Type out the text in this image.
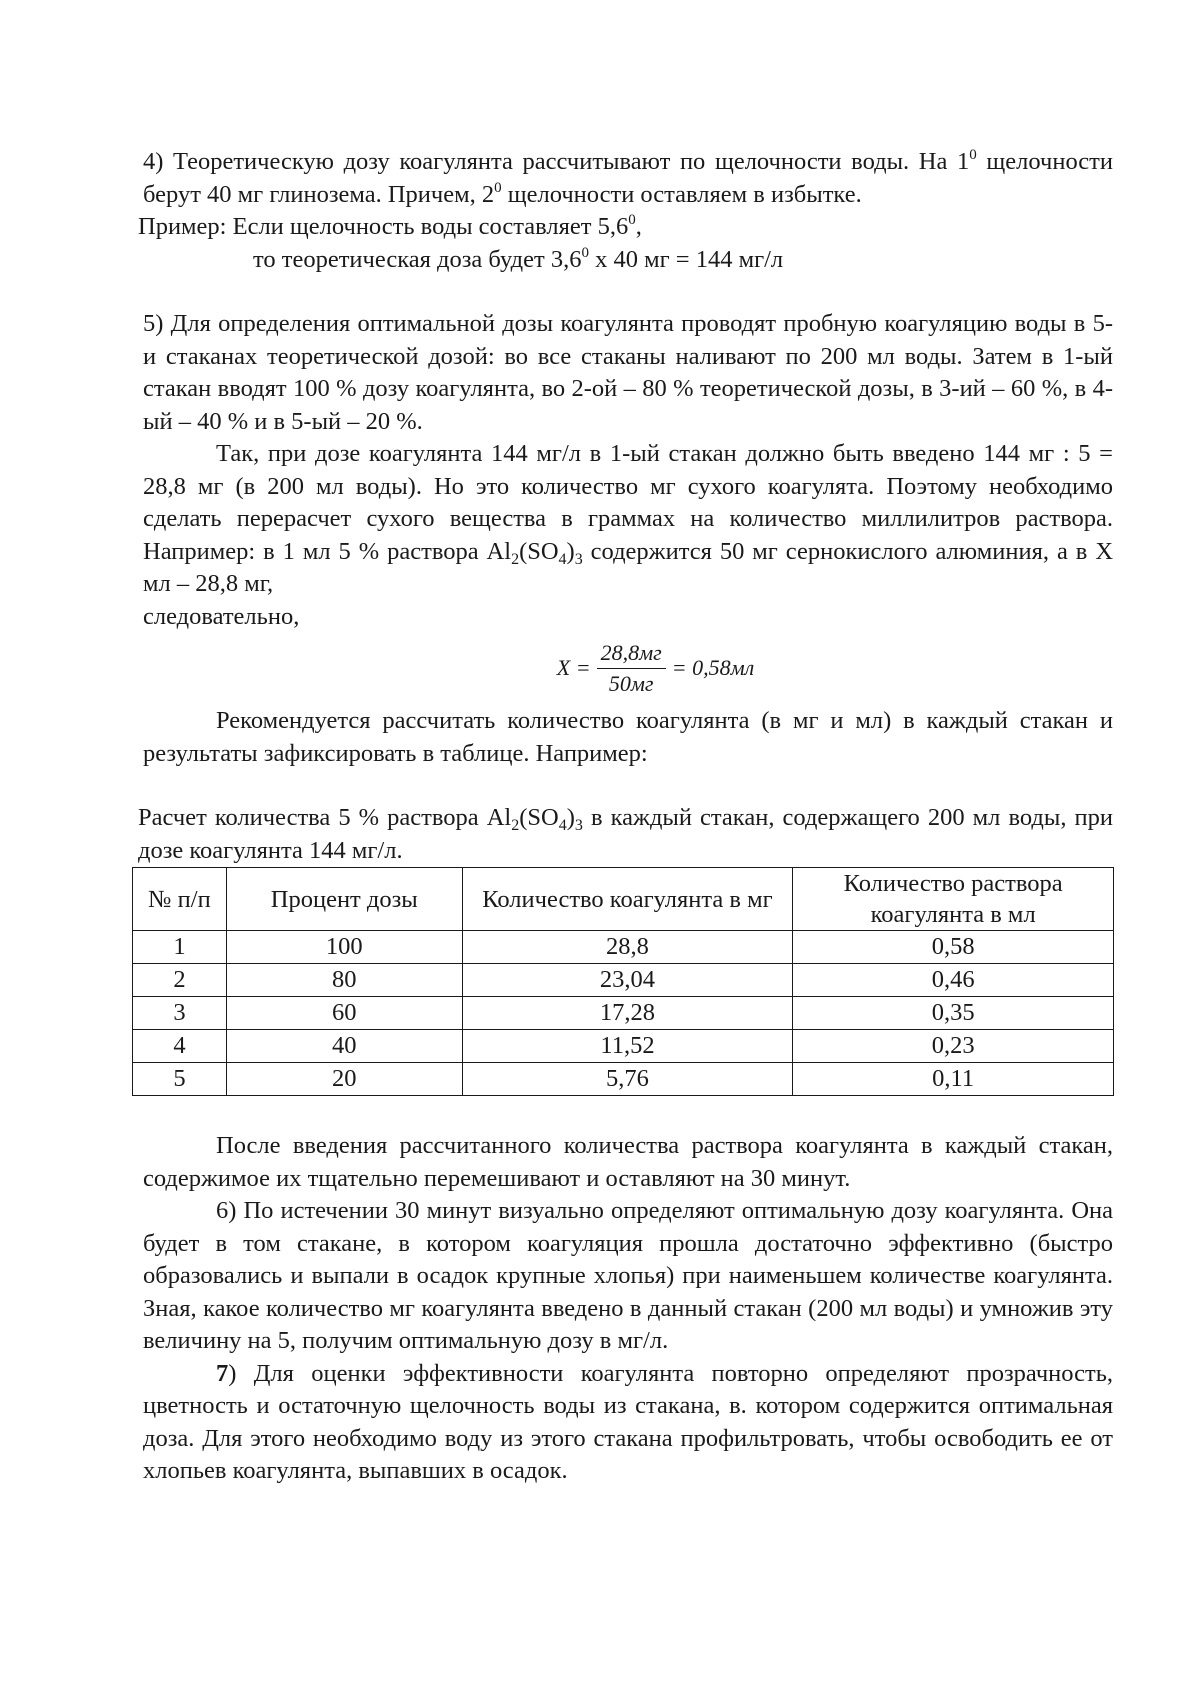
4) Теоретическую дозу коагулянта рассчитывают по щелочности воды. На $1^0$ щелочности берут 40 мг глинозема. Причем, $2^0$ щелочности оставляем в избытке.

Пример: Если щелочность воды составляет $5,6^0$,

то теоретическая доза будет $3,6^0$ х 40 мг = 144 мг/л

5) Для определения оптимальной дозы коагулянта проводят пробную коагуляцию воды в 5-и стаканах теоретической дозой: во все стаканы наливают по 200 мл воды. Затем в 1-ый стакан вводят 100 % дозу коагулянта, во 2-ой – 80 % теоретической дозы, в 3-ий – 60 %, в 4-ый – 40 % и в 5-ый – 20 %.

Так, при дозе коагулянта 144 мг/л в 1-ый стакан должно быть введено 144 мг : 5 = 28,8 мг (в 200 мл воды). Но это количество мг сухого коагулята. Поэтому необходимо сделать перерасчет сухого вещества в граммах на количество миллилитров раствора. Например: в 1 мл 5 % раствора $Al_2(SO_4)_3$ содержится 50 мг сернокислого алюминия, а в Х мл – 28,8 мг,

следовательно,

$X = \frac{28,8мг}{50мг} = 0,58мл$

Рекомендуется рассчитать количество коагулянта (в мг и мл) в каждый стакан и результаты зафиксировать в таблице. Например:

Расчет количества 5 % раствора $Al_2(SO_4)_3$ в каждый стакан, содержащего 200 мл воды, при дозе коагулянта 144 мг/л.

№ п/п	Процент дозы	Количество коагулянта в мг	Количество раствора коагулянта в мл
1	100	28,8	0,58
2	80	23,04	0,46
3	60	17,28	0,35
4	40	11,52	0,23
5	20	5,76	0,11

После введения рассчитанного количества раствора коагулянта в каждый стакан, содержимое их тщательно перемешивают и оставляют на 30 минут.

6) По истечении 30 минут визуально определяют оптимальную дозу коагулянта. Она будет в том стакане, в котором коагуляция прошла достаточно эффективно (быстро образовались и выпали в осадок крупные хлопья) при наименьшем количестве коагулянта. Зная, какое количество мг коагулянта введено в данный стакан (200 мл воды) и умножив эту величину на 5, получим оптимальную дозу в мг/л.

7) Для оценки эффективности коагулянта повторно определяют прозрачность, цветность и остаточную щелочность воды из стакана, в. котором содержится оптимальная доза. Для этого необходимо воду из этого стакана профильтровать, чтобы освободить ее от хлопьев коагулянта, выпавших в осадок.
